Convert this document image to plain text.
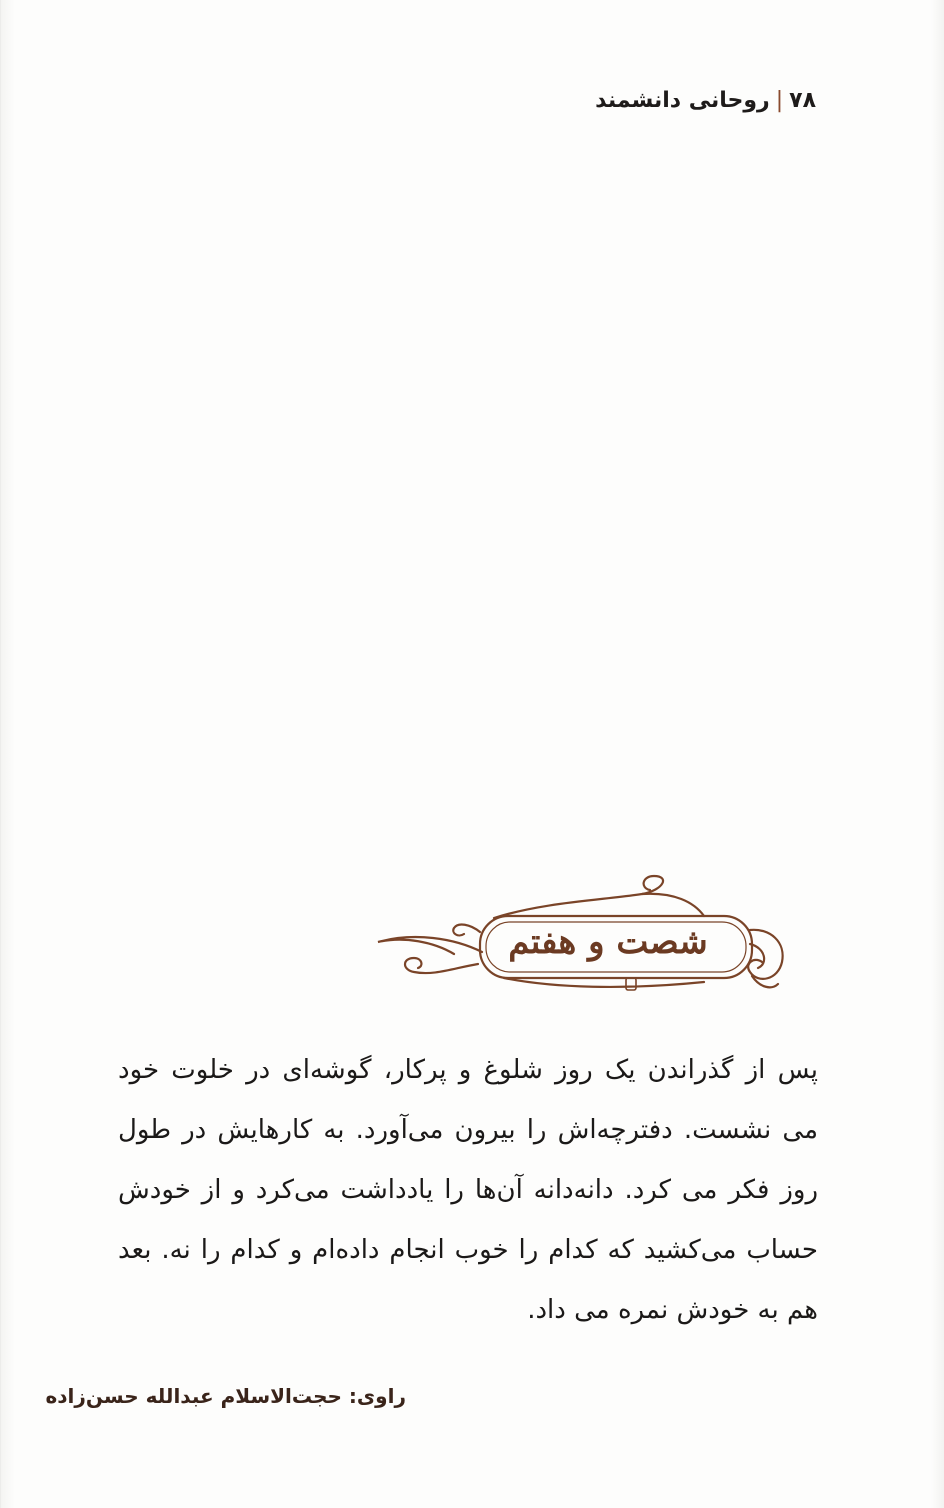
۷۸|روحانی دانشمند
شصت و هفتم
پس از گذراندن یک روز شلوغ و پرکار، گوشه‌ای در خلوت خود می نشست. دفترچه‌اش را بیرون می‌آورد. به کارهایش در طول روز فکر می کرد. دانه‌دانه آن‌ها را یادداشت می‌کرد و از خودش حساب می‌کشید که کدام را خوب انجام داده‌ام و کدام را نه. بعد هم به خودش نمره می داد.
راوی: حجت‌الاسلام عبدالله حسن‌زاده
